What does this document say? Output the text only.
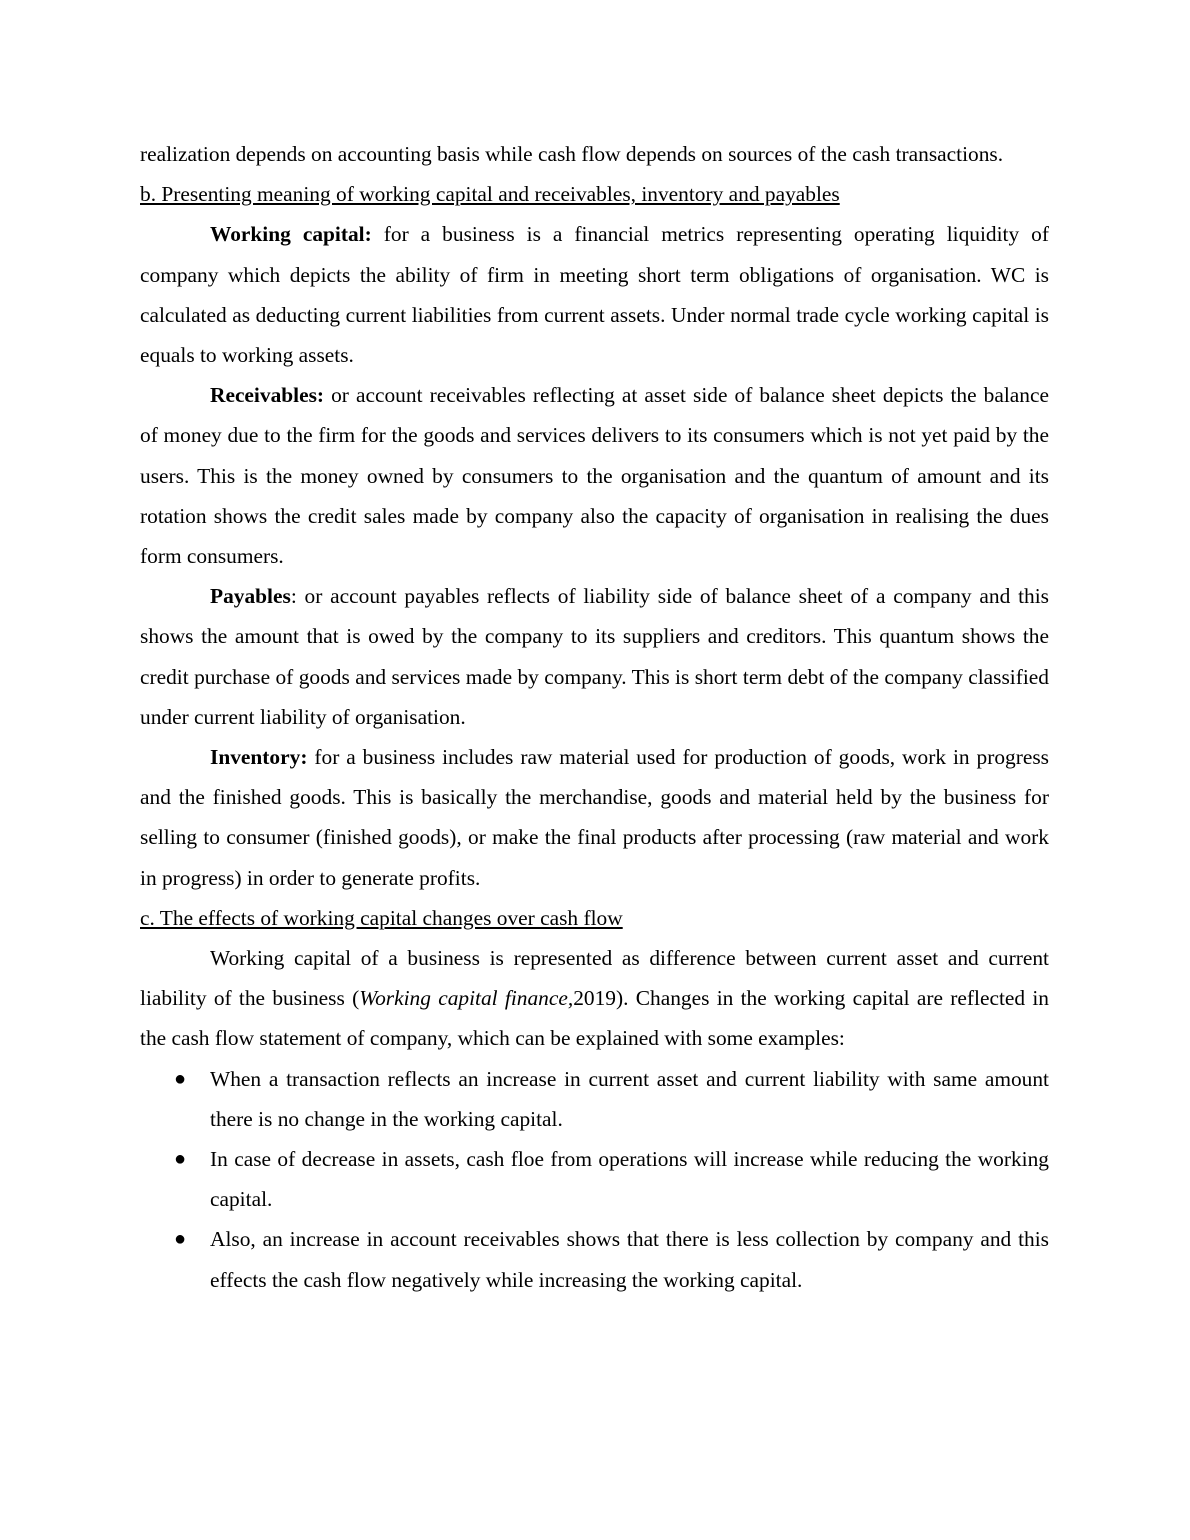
realization depends on accounting basis while cash flow depends on sources of the cash transactions.

b. Presenting meaning of working capital and receivables, inventory and payables

Working capital: for a business is a financial metrics representing operating liquidity of company which depicts the ability of firm in meeting short term obligations of organisation. WC is calculated as deducting current liabilities from current assets. Under normal trade cycle working capital is equals to working assets.

Receivables: or account receivables reflecting at asset side of balance sheet depicts the balance of money due to the firm for the goods and services delivers to its consumers which is not yet paid by the users. This is the money owned by consumers to the organisation and the quantum of amount and its rotation shows the credit sales made by company also the capacity of organisation in realising the dues form consumers.

Payables: or account payables reflects of liability side of balance sheet of a company and this shows the amount that is owed by the company to its suppliers and creditors. This quantum shows the credit purchase of goods and services made by company. This is short term debt of the company classified under current liability of organisation.

Inventory: for a business includes raw material used for production of goods, work in progress and the finished goods. This is basically the merchandise, goods and material held by the business for selling to consumer (finished goods), or make the final products after processing (raw material and work in progress) in order to generate profits.

c. The effects of working capital changes over cash flow

Working capital of a business is represented as difference between current asset and current liability of the business (Working capital finance,2019). Changes in the working capital are reflected in the cash flow statement of company, which can be explained with some examples:

● When a transaction reflects an increase in current asset and current liability with same amount there is no change in the working capital.
● In case of decrease in assets, cash floe from operations will increase while reducing the working capital.
● Also, an increase in account receivables shows that there is less collection by company and this effects the cash flow negatively while increasing the working capital.
